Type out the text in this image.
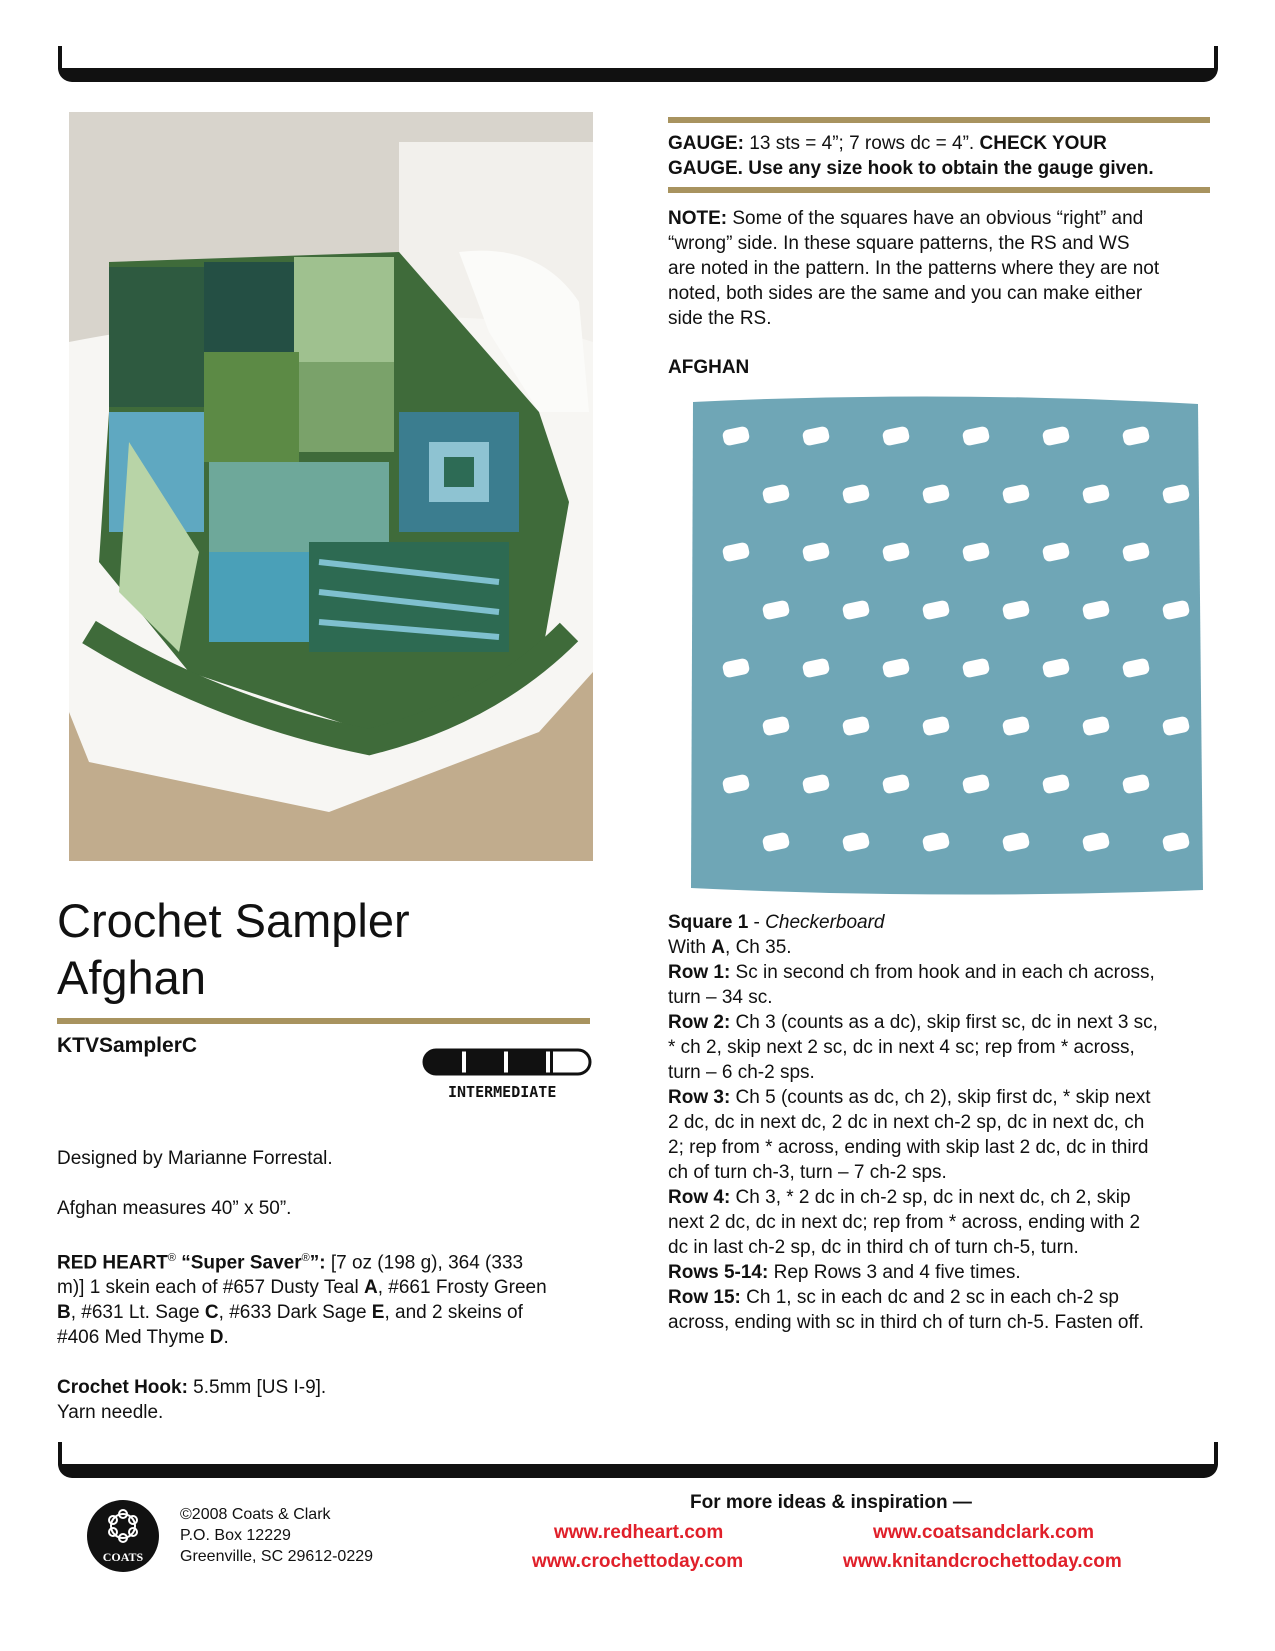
Crochet Sampler
Afghan
KTVSamplerC
INTERMEDIATE

Designed by Marianne Forrestal.

Afghan measures 40” x 50”.

RED HEART® “Super Saver®”: [7 oz (198 g), 364 (333

m)] 1 skein each of #657 Dusty Teal A, #661 Frosty Green

B, #631 Lt. Sage C, #633 Dark Sage E, and 2 skeins of

#406 Med Thyme D.

Crochet Hook: 5.5mm [US I-9].

Yarn needle.

GAUGE: 13 sts = 4”; 7 rows dc = 4”. CHECK YOUR

GAUGE. Use any size hook to obtain the gauge given.

NOTE: Some of the squares have an obvious “right” and

“wrong” side. In these square patterns, the RS and WS

are noted in the pattern. In the patterns where they are not

noted, both sides are the same and you can make either

side the RS.

AFGHAN

Square 1 - Checkerboard

With A, Ch 35.

Row 1: Sc in second ch from hook and in each ch across,

turn – 34 sc.

Row 2: Ch 3 (counts as a dc), skip first sc, dc in next 3 sc,

* ch 2, skip next 2 sc, dc in next 4 sc; rep from * across,

turn – 6 ch-2 sps.

Row 3: Ch 5 (counts as dc, ch 2), skip first dc, * skip next

2 dc, dc in next dc, 2 dc in next ch-2 sp, dc in next dc, ch

2; rep from * across, ending with skip last 2 dc, dc in third

ch of turn ch-3, turn – 7 ch-2 sps.

Row 4: Ch 3, * 2 dc in ch-2 sp, dc in next dc, ch 2, skip

next 2 dc, dc in next dc; rep from * across, ending with 2

dc in last ch-2 sp, dc in third ch of turn ch-5, turn.

Rows 5-14: Rep Rows 3 and 4 five times.

Row 15: Ch 1, sc in each dc and 2 sc in each ch-2 sp

across, ending with sc in third ch of turn ch-5. Fasten off.

COATS
©2008 Coats & Clark
P.O. Box 12229
Greenville, SC 29612-0229
For more ideas & inspiration —
www.redheart.com	www.coatsandclark.com
www.crochettoday.com	www.knitandcrochettoday.com
